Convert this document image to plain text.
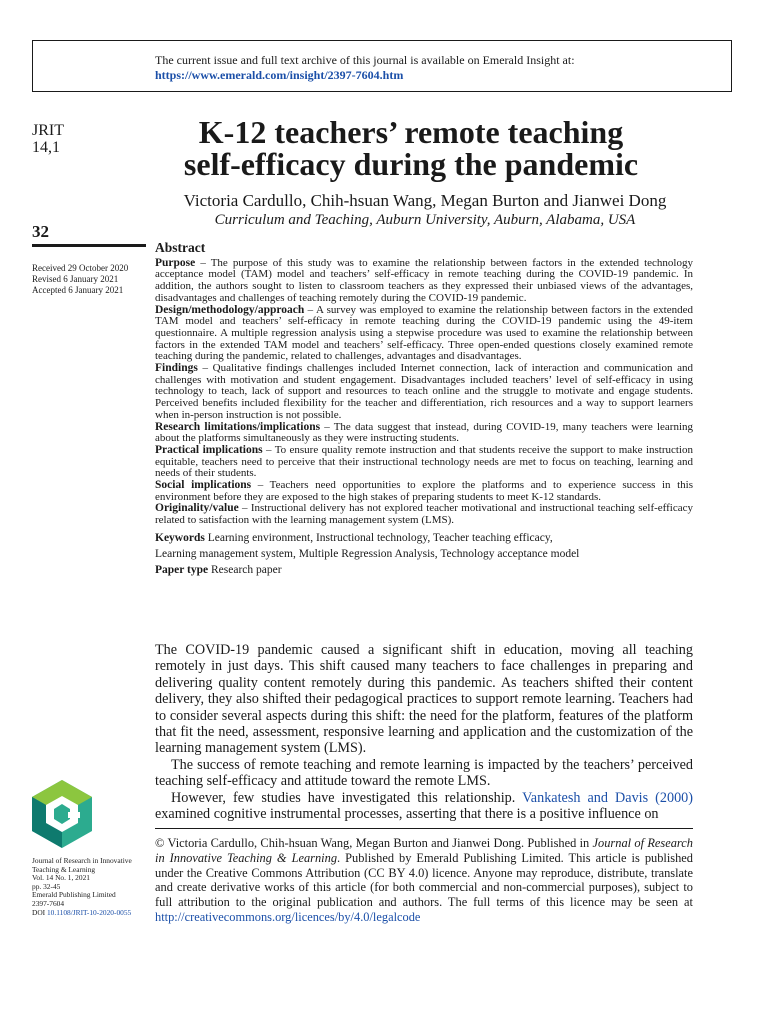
The current issue and full text archive of this journal is available on Emerald Insight at:
https://www.emerald.com/insight/2397-7604.htm
JRIT
14,1
32
Received 29 October 2020
Revised 6 January 2021
Accepted 6 January 2021
K-12 teachers’ remote teaching
self-efficacy during the pandemic
Victoria Cardullo, Chih-hsuan Wang, Megan Burton and Jianwei Dong
Curriculum and Teaching, Auburn University, Auburn, Alabama, USA
Abstract

Purpose – The purpose of this study was to examine the relationship between factors in the extended technology acceptance model (TAM) model and teachers’ self-efficacy in remote teaching during the COVID-19 pandemic. In addition, the authors sought to listen to classroom teachers as they expressed their unbiased views of the advantages, disadvantages and challenges of teaching remotely during the COVID-19 pandemic.

Design/methodology/approach – A survey was employed to examine the relationship between factors in the extended TAM model and teachers’ self-efficacy in remote teaching during the COVID-19 pandemic using the 49-item questionnaire. A multiple regression analysis using a stepwise procedure was used to examine the relationship between factors in the extended TAM model and teachers’ self-efficacy. Three open-ended questions closely examined remote teaching during the pandemic, related to challenges, advantages and disadvantages.

Findings – Qualitative findings challenges included Internet connection, lack of interaction and communication and challenges with motivation and student engagement. Disadvantages included teachers’ level of self-efficacy in using technology to teach, lack of support and resources to teach online and the struggle to motivate and engage students. Perceived benefits included flexibility for the teacher and differentiation, rich resources and a way to support learners when in-person instruction is not possible.

Research limitations/implications – The data suggest that instead, during COVID-19, many teachers were learning about the platforms simultaneously as they were instructing students.

Practical implications – To ensure quality remote instruction and that students receive the support to make instruction equitable, teachers need to perceive that their instructional technology needs are met to focus on teaching, learning and needs of their students.

Social implications – Teachers need opportunities to explore the platforms and to experience success in this environment before they are exposed to the high stakes of preparing students to meet K-12 standards.

Originality/value – Instructional delivery has not explored teacher motivational and instructional teaching self-efficacy related to satisfaction with the learning management system (LMS).

Keywords Learning environment, Instructional technology, Teacher teaching efficacy,
Learning management system, Multiple Regression Analysis, Technology acceptance model
Paper type Research paper

The COVID-19 pandemic caused a significant shift in education, moving all teaching remotely in just days. This shift caused many teachers to face challenges in preparing and delivering quality content remotely during this pandemic. As teachers shifted their content delivery, they also shifted their pedagogical practices to support remote learning. Teachers had to consider several aspects during this shift: the need for the platform, features of the platform that fit the need, assessment, responsive learning and application and the customization of the learning management system (LMS).

The success of remote teaching and remote learning is impacted by the teachers’ perceived teaching self-efficacy and attitude toward the remote LMS.

However, few studies have investigated this relationship. Vankatesh and Davis (2000) examined cognitive instrumental processes, asserting that there is a positive influence on

© Victoria Cardullo, Chih-hsuan Wang, Megan Burton and Jianwei Dong. Published in Journal of Research in Innovative Teaching & Learning. Published by Emerald Publishing Limited. This article is published under the Creative Commons Attribution (CC BY 4.0) licence. Anyone may reproduce, distribute, translate and create derivative works of this article (for both commercial and non-commercial purposes), subject to full attribution to the original publication and authors. The full terms of this licence may be seen at http://creativecommons.org/licences/by/4.0/legalcode
Journal of Research in Innovative
Teaching & Learning
Vol. 14 No. 1, 2021
pp. 32-45
Emerald Publishing Limited
2397-7604
DOI 10.1108/JRIT-10-2020-0055
